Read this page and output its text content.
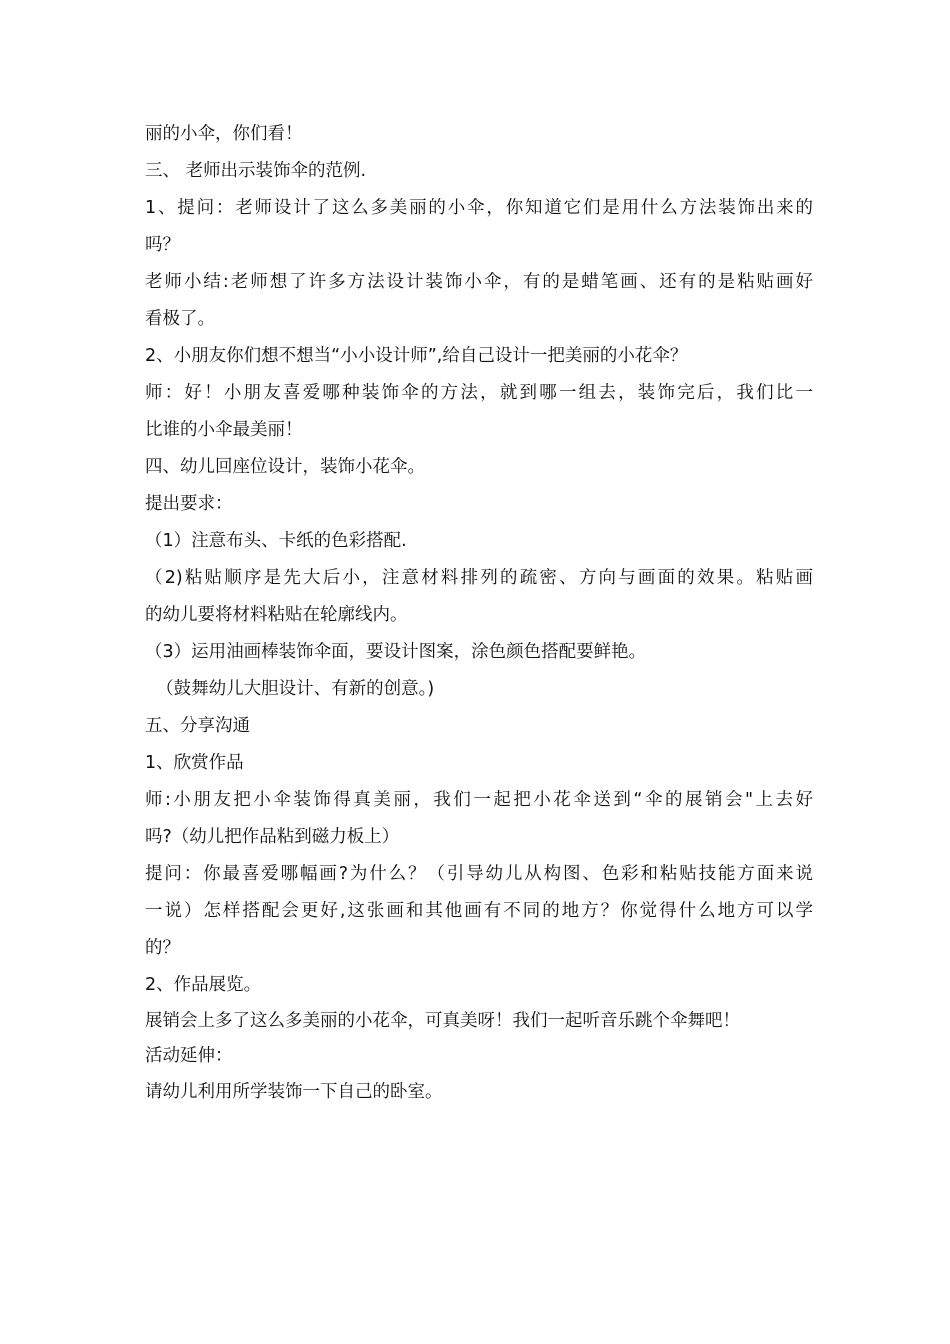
丽的小伞，你们看！
三、 老师出示装饰伞的范例.
1、提问：老师设计了这么多美丽的小伞，你知道它们是用什么方法装饰出来的
吗？
老师小结:老师想了许多方法设计装饰小伞，有的是蜡笔画、还有的是粘贴画好
看极了。
2、小朋友你们想不想当“小小设计师”,给自己设计一把美丽的小花伞？
师：好！小朋友喜爱哪种装饰伞的方法，就到哪一组去，装饰完后，我们比一
比谁的小伞最美丽！
四、幼儿回座位设计，装饰小花伞。
提出要求：
（1）注意布头、卡纸的色彩搭配.
（2)粘贴顺序是先大后小，注意材料排列的疏密、方向与画面的效果。粘贴画
的幼儿要将材料粘贴在轮廓线内。
（3）运用油画棒装饰伞面，要设计图案，涂色颜色搭配要鲜艳。
（鼓舞幼儿大胆设计、有新的创意。)
五、分享沟通
1、欣赏作品
师:小朋友把小伞装饰得真美丽，我们一起把小花伞送到“伞的展销会"上去好
吗?（幼儿把作品粘到磁力板上）
提问：你最喜爱哪幅画?为什么？（引导幼儿从构图、色彩和粘贴技能方面来说
一说）怎样搭配会更好,这张画和其他画有不同的地方？你觉得什么地方可以学
的？
2、作品展览。
展销会上多了这么多美丽的小花伞，可真美呀！我们一起听音乐跳个伞舞吧！
活动延伸：
请幼儿利用所学装饰一下自己的卧室。
